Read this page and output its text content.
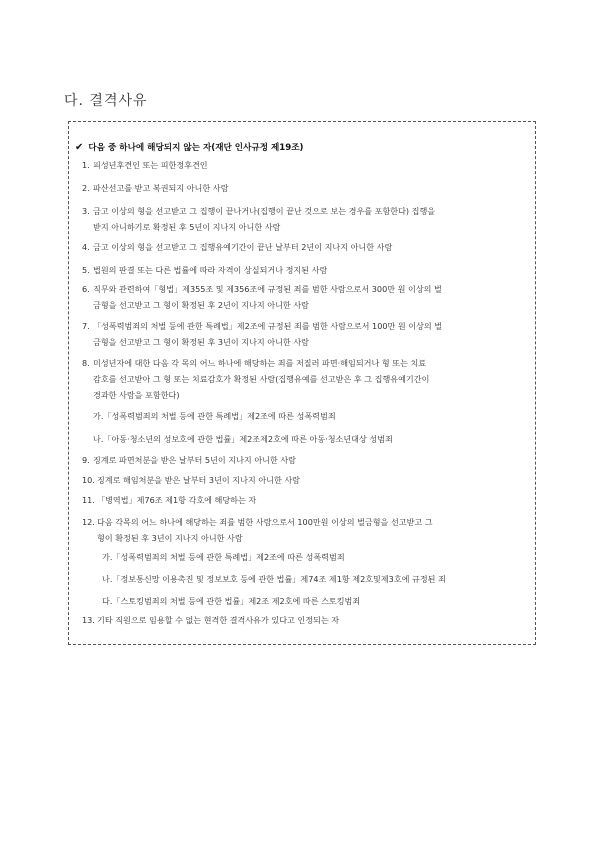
다. 결격사유
✔ 다음 중 하나에 해당되지 않는 자(재단 인사규정 제19조)
1. 피성년후견인 또는 피한정후견인
2. 파산선고를 받고 복권되지 아니한 사람
3. 금고 이상의 형을 선고받고 그 집행이 끝나거나(집행이 끝난 것으로 보는 경우를 포함한다) 집행을
받지 아니하기로 확정된 후 5년이 지나지 아니한 사람
4. 금고 이상의 형을 선고받고 그 집행유예기간이 끝난 날부터 2년이 지나지 아니한 사람
5. 법원의 판결 또는 다른 법률에 따라 자격이 상실되거나 정지된 사람
6. 직무와 관련하여「형법」제355조 및 제356조에 규정된 죄를 범한 사람으로서 300만 원 이상의 벌
금형을 선고받고 그 형이 확정된 후 2년이 지나지 아니한 사람
7. 「성폭력범죄의 처벌 등에 관한 특례법」제2조에 규정된 죄를 범한 사람으로서 100만 원 이상의 벌
금형을 선고받고 그 형이 확정된 후 3년이 지나지 아니한 사람
8. 미성년자에 대한 다음 각 목의 어느 하나에 해당하는 죄를 저질러 파면·해임되거나 형 또는 치료
감호를 선고받아 그 형 또는 치료감호가 확정된 사람(집행유예를 선고받은 후 그 집행유예기간이
경과한 사람을 포함한다)
가.「성폭력범죄의 처벌 등에 관한 특례법」제2조에 따른 성폭력범죄
나.「아동·청소년의 성보호에 관한 법률」제2조제2호에 따른 아동·청소년대상 성범죄
9. 징계로 파면처분을 받은 날부터 5년이 지나지 아니한 사람
10. 징계로 해임처분을 받은 날부터 3년이 지나지 아니한 사람
11. 「병역법」제76조 제1항 각호에 해당하는 자
12. 다음 각목의 어느 하나에 해당하는 죄를 범한 사람으로서 100만원 이상의 벌금형을 선고받고 그
형이 확정된 후 3년이 지나지 아니한 사람
가.「성폭력범죄의 처벌 등에 관한 특례법」제2조에 따른 성폭력범죄
나.「정보통신망 이용촉진 및 정보보호 등에 관한 법률」제74조 제1항 제2호및제3호에 규정된 죄
다.「스토킹범죄의 처벌 등에 관한 법률」제2조 제2호에 따른 스토킹범죄
13. 기타 직원으로 임용할 수 없는 현격한 결격사유가 있다고 인정되는 자
